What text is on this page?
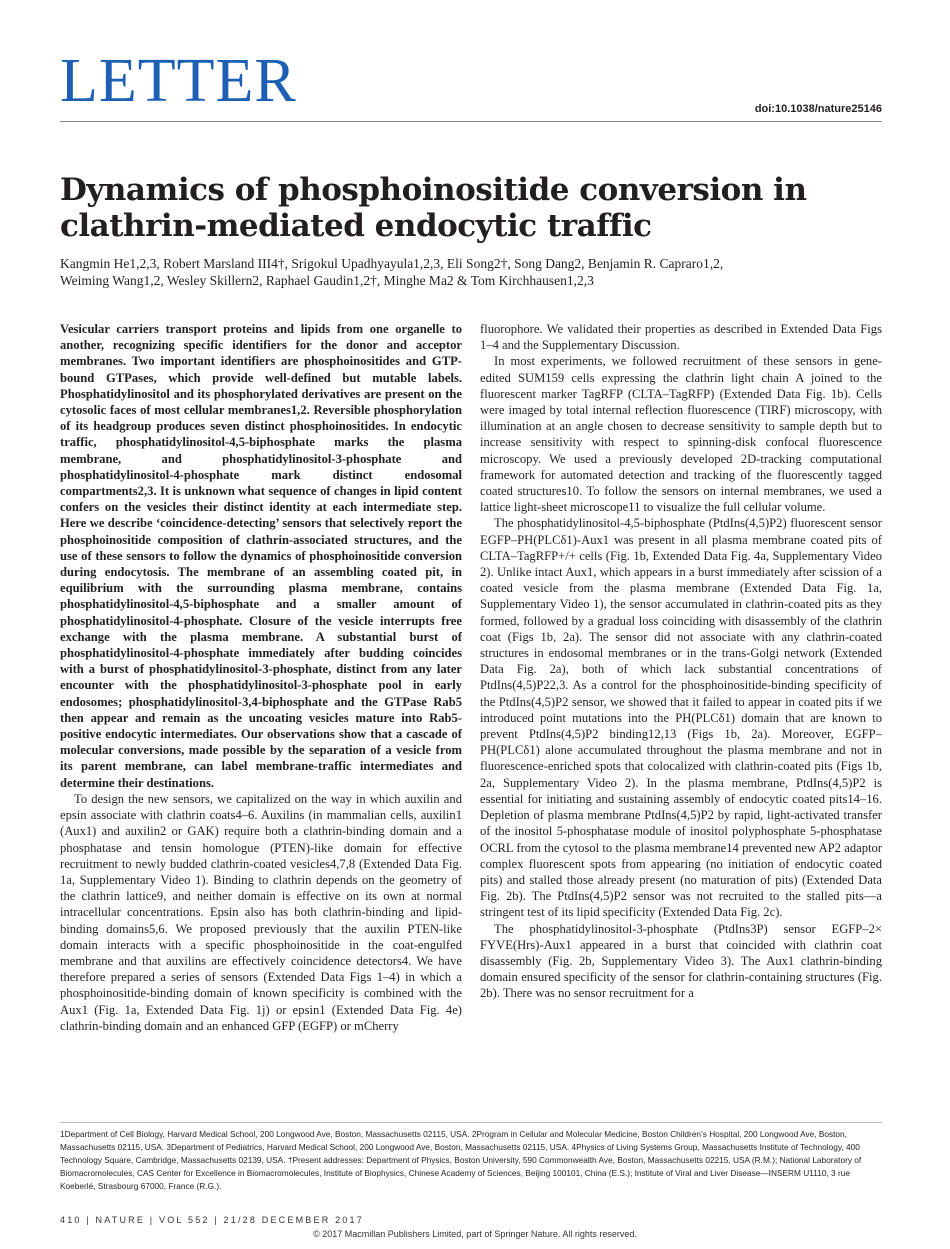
LETTER	doi:10.1038/nature25146
Dynamics of phosphoinositide conversion in
clathrin-mediated endocytic traffic
Kangmin He1,2,3, Robert Marsland III4†, Srigokul Upadhyayula1,2,3, Eli Song2†, Song Dang2, Benjamin R. Capraro1,2,
Weiming Wang1,2, Wesley Skillern2, Raphael Gaudin1,2†, Minghe Ma2 & Tom Kirchhausen1,2,3

Vesicular carriers transport proteins and lipids from one organelle to another, recognizing specific identifiers for the donor and acceptor membranes. Two important identifiers are phosphoinositides and GTP-bound GTPases, which provide well-defined but mutable labels. Phosphatidylinositol and its phosphorylated derivatives are present on the cytosolic faces of most cellular membranes1,2. Reversible phosphorylation of its headgroup produces seven distinct phosphoinositides. In endocytic traffic, phosphatidylinositol-4,5-biphosphate marks the plasma membrane, and phosphatidylinositol-3-phosphate and phosphatidylinositol-4-phosphate mark distinct endosomal compartments2,3. It is unknown what sequence of changes in lipid content confers on the vesicles their distinct identity at each intermediate step. Here we describe ‘coincidence-detecting’ sensors that selectively report the phosphoinositide composition of clathrin-associated structures, and the use of these sensors to follow the dynamics of phosphoinositide conversion during endocytosis. The membrane of an assembling coated pit, in equilibrium with the surrounding plasma membrane, contains phosphatidylinositol-4,5-biphosphate and a smaller amount of phosphatidylinositol-4-phosphate. Closure of the vesicle interrupts free exchange with the plasma membrane. A substantial burst of phosphatidylinositol-4-phosphate immediately after budding coincides with a burst of phosphatidylinositol-3-phosphate, distinct from any later encounter with the phosphatidylinositol-3-phosphate pool in early endosomes; phosphatidylinositol-3,4-biphosphate and the GTPase Rab5 then appear and remain as the uncoating vesicles mature into Rab5-positive endocytic intermediates. Our observations show that a cascade of molecular conversions, made possible by the separation of a vesicle from its parent membrane, can label membrane-traffic intermediates and determine their destinations.

To design the new sensors, we capitalized on the way in which auxilin and epsin associate with clathrin coats4–6. Auxilins (in mammalian cells, auxilin1 (Aux1) and auxilin2 or GAK) require both a clathrin-binding domain and a phosphatase and tensin homologue (PTEN)-like domain for effective recruitment to newly budded clathrin-coated vesicles4,7,8 (Extended Data Fig. 1a, Supplementary Video 1). Binding to clathrin depends on the geometry of the clathrin lattice9, and neither domain is effective on its own at normal intracellular concentrations. Epsin also has both clathrin-binding and lipid-binding domains5,6. We proposed previously that the auxilin PTEN-like domain interacts with a specific phosphoinositide in the coat-engulfed membrane and that auxilins are effectively coincidence detectors4. We have therefore prepared a series of sensors (Extended Data Figs 1–4) in which a phosphoinositide-binding domain of known specificity is combined with the Aux1 (Fig. 1a, Extended Data Fig. 1j) or epsin1 (Extended Data Fig. 4e) clathrin-binding domain and an enhanced GFP (EGFP) or mCherry

fluorophore. We validated their properties as described in Extended Data Figs 1–4 and the Supplementary Discussion.

In most experiments, we followed recruitment of these sensors in gene-edited SUM159 cells expressing the clathrin light chain A joined to the fluorescent marker TagRFP (CLTA–TagRFP) (Extended Data Fig. 1b). Cells were imaged by total internal reflection fluorescence (TIRF) microscopy, with illumination at an angle chosen to decrease sensitivity to sample depth but to increase sensitivity with respect to spinning-disk confocal fluorescence microscopy. We used a previously developed 2D-tracking computational framework for automated detection and tracking of the fluorescently tagged coated structures10. To follow the sensors on internal membranes, we used a lattice light-sheet microscope11 to visualize the full cellular volume.

The phosphatidylinositol-4,5-biphosphate (PtdIns(4,5)P2) fluorescent sensor EGFP–PH(PLCδ1)-Aux1 was present in all plasma membrane coated pits of CLTA–TagRFP+/+ cells (Fig. 1b, Extended Data Fig. 4a, Supplementary Video 2). Unlike intact Aux1, which appears in a burst immediately after scission of a coated vesicle from the plasma membrane (Extended Data Fig. 1a, Supplementary Video 1), the sensor accumulated in clathrin-coated pits as they formed, followed by a gradual loss coinciding with disassembly of the clathrin coat (Figs 1b, 2a). The sensor did not associate with any clathrin-coated structures in endosomal membranes or in the trans-Golgi network (Extended Data Fig. 2a), both of which lack substantial concentrations of PtdIns(4,5)P22,3. As a control for the phosphoinositide-binding specificity of the PtdIns(4,5)P2 sensor, we showed that it failed to appear in coated pits if we introduced point mutations into the PH(PLCδ1) domain that are known to prevent PtdIns(4,5)P2 binding12,13 (Figs 1b, 2a). Moreover, EGFP–PH(PLCδ1) alone accumulated throughout the plasma membrane and not in fluorescence-enriched spots that colocalized with clathrin-coated pits (Figs 1b, 2a, Supplementary Video 2). In the plasma membrane, PtdIns(4,5)P2 is essential for initiating and sustaining assembly of endocytic coated pits14–16. Depletion of plasma membrane PtdIns(4,5)P2 by rapid, light-activated transfer of the inositol 5-phosphatase module of inositol polyphosphate 5-phosphatase OCRL from the cytosol to the plasma membrane14 prevented new AP2 adaptor complex fluorescent spots from appearing (no initiation of endocytic coated pits) and stalled those already present (no maturation of pits) (Extended Data Fig. 2b). The PtdIns(4,5)P2 sensor was not recruited to the stalled pits—a stringent test of its lipid specificity (Extended Data Fig. 2c).

The phosphatidylinositol-3-phosphate (PtdIns3P) sensor EGFP–2× FYVE(Hrs)-Aux1 appeared in a burst that coincided with clathrin coat disassembly (Fig. 2b, Supplementary Video 3). The Aux1 clathrin-binding domain ensured specificity of the sensor for clathrin-containing structures (Fig. 2b). There was no sensor recruitment for a

1Department of Cell Biology, Harvard Medical School, 200 Longwood Ave, Boston, Massachusetts 02115, USA. 2Program in Cellular and Molecular Medicine, Boston Children’s Hospital, 200 Longwood Ave, Boston, Massachusetts 02115, USA. 3Department of Pediatrics, Harvard Medical School, 200 Longwood Ave, Boston, Massachusetts 02115, USA. 4Physics of Living Systems Group, Massachusetts Institute of Technology, 400 Technology Square, Cambridge, Massachusetts 02139, USA. †Present addresses: Department of Physics, Boston University, 590 Commonwealth Ave, Boston, Massachusetts 02215, USA (R.M.); National Laboratory of Biomacromolecules, CAS Center for Excellence in Biomacromolecules, Institute of Biophysics, Chinese Academy of Sciences, Beijing 100101, China (E.S.); Institute of Viral and Liver Disease—INSERM U1110, 3 rue Koeberlé, Strasbourg 67000, France (R.G.).
410 | NATURE | VOL 552 | 21/28 DECEMBER 2017
© 2017 Macmillan Publishers Limited, part of Springer Nature. All rights reserved.
